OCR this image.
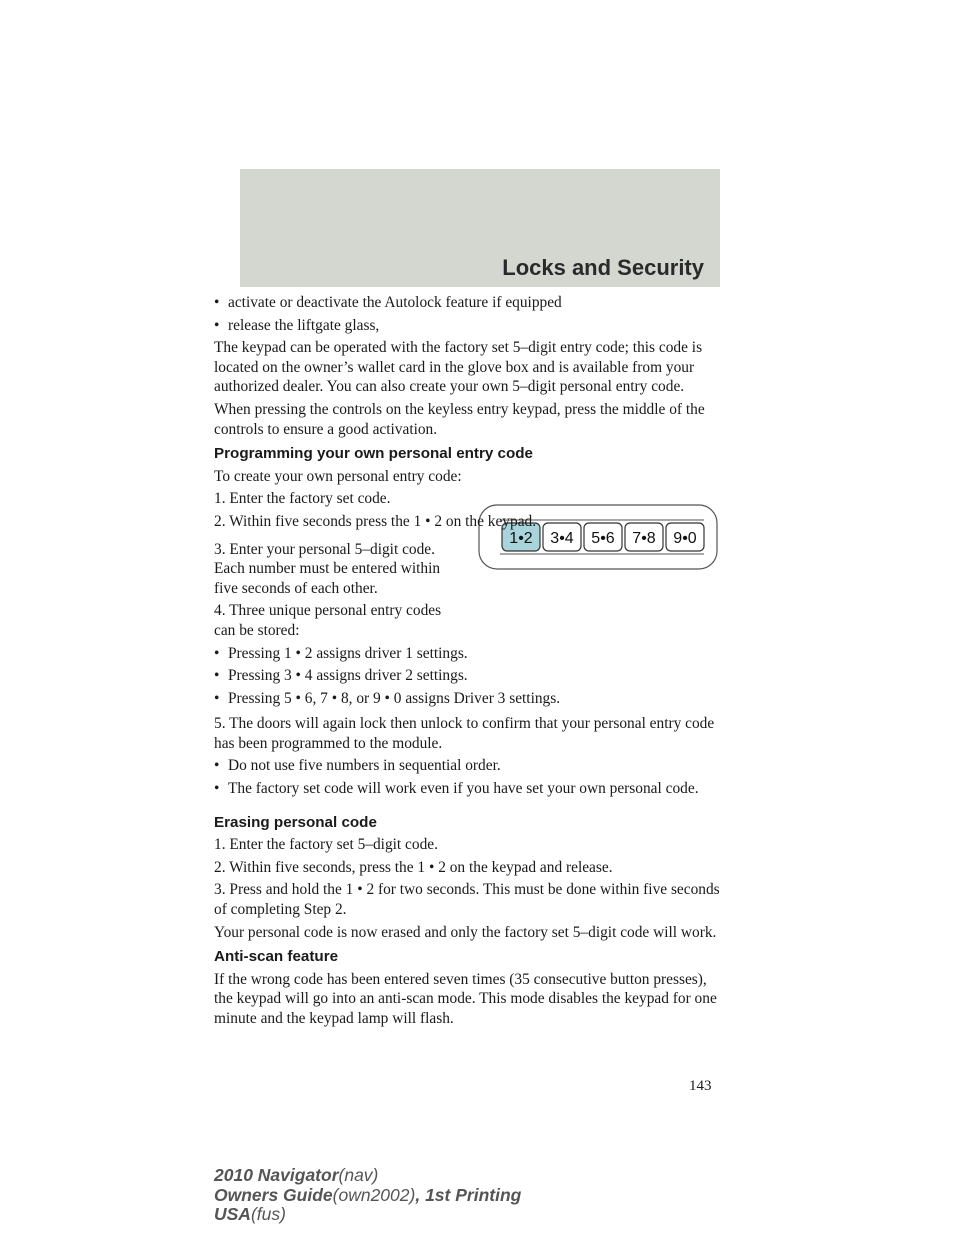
Locks and Security
1•2 3•4 5•6 7•8 9•0
• activate or deactivate the Autolock feature if equipped
• release the liftgate glass,

The keypad can be operated with the factory set 5–digit entry code; this code is located on the owner’s wallet card in the glove box and is available from your authorized dealer. You can also create your own 5–digit personal entry code.

When pressing the controls on the keyless entry keypad, press the middle of the controls to ensure a good activation.

Programming your own personal entry code

To create your own personal entry code:

1. Enter the factory set code.

2. Within five seconds press the 1 • 2 on the keypad.

3. Enter your personal 5–digit code. Each number must be entered within five seconds of each other.

4. Three unique personal entry codes can be stored:

• Pressing 1 • 2 assigns driver 1 settings.
• Pressing 3 • 4 assigns driver 2 settings.
• Pressing 5 • 6, 7 • 8, or 9 • 0 assigns Driver 3 settings.

5. The doors will again lock then unlock to confirm that your personal entry code has been programmed to the module.

• Do not use five numbers in sequential order.
• The factory set code will work even if you have set your own personal code.
Erasing personal code

1. Enter the factory set 5–digit code.

2. Within five seconds, press the 1 • 2 on the keypad and release.

3. Press and hold the 1 • 2 for two seconds. This must be done within five seconds of completing Step 2.

Your personal code is now erased and only the factory set 5–digit code will work.

Anti-scan feature

If the wrong code has been entered seven times (35 consecutive button presses), the keypad will go into an anti-scan mode. This mode disables the keypad for one minute and the keypad lamp will flash.

143
2010 Navigator(nav)
Owners Guide(own2002), 1st Printing
USA(fus)
